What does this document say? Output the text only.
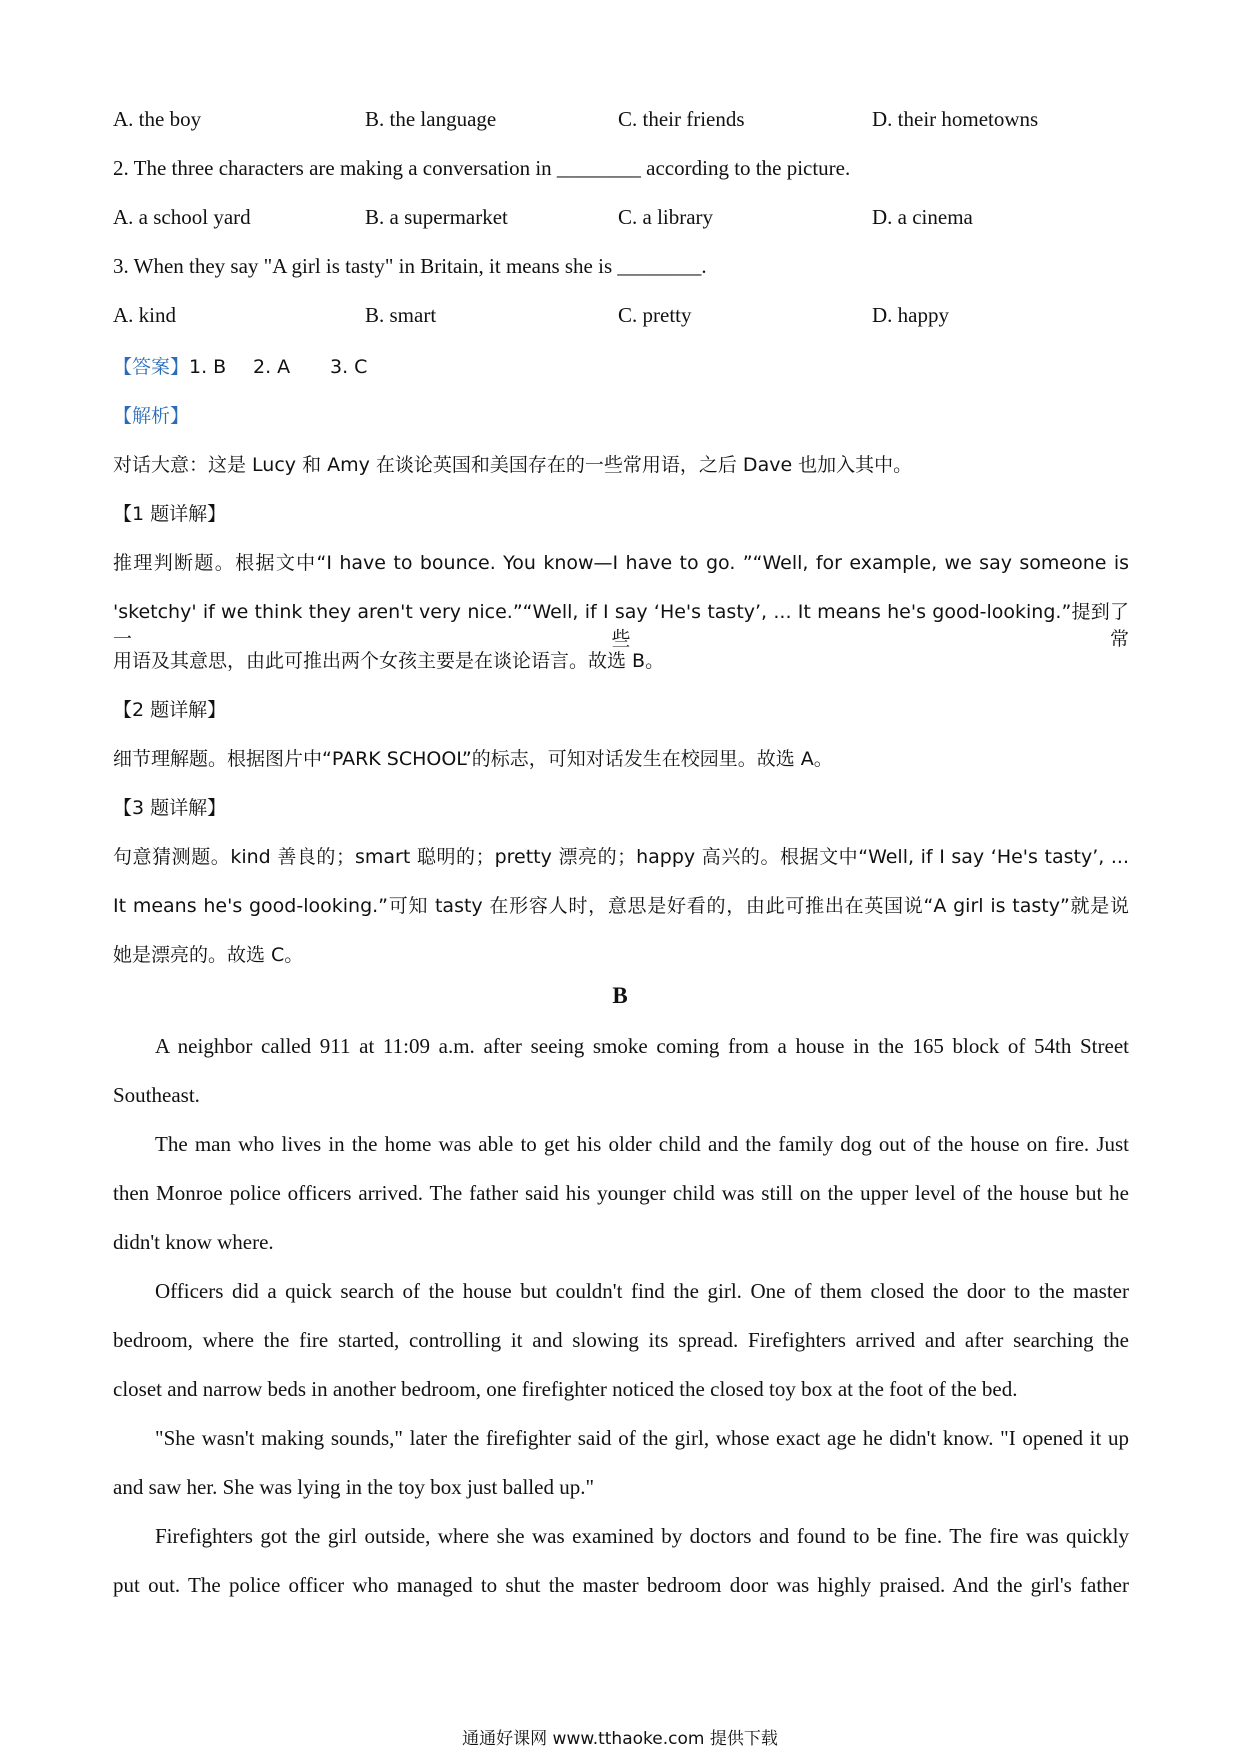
A. the boy	B. the language	C. their friends	D. their hometowns
2. The three characters are making a conversation in ________ according to the picture.
A. a school yard	B. a supermarket	C. a library	D. a cinema
3. When they say "A girl is tasty" in Britain, it means she is ________.
A. kind	B. smart	C. pretty	D. happy
【答案】1. B 2. A 3. C
【解析】
对话大意：这是 Lucy 和 Amy 在谈论英国和美国存在的一些常用语，之后 Dave 也加入其中。
【1 题详解】
推理判断题。根据文中“I have to bounce. You know—I have to go. ”“Well, for example, we say someone is
'sketchy' if we think they aren't very nice.”“Well, if I say ‘He's tasty’, ... It means he's good-looking.”提到了一些常
用语及其意思，由此可推出两个女孩主要是在谈论语言。故选 B。
【2 题详解】
细节理解题。根据图片中“PARK SCHOOL”的标志，可知对话发生在校园里。故选 A。
【3 题详解】
句意猜测题。kind 善良的；smart 聪明的；pretty 漂亮的；happy 高兴的。根据文中“Well, if I say ‘He's tasty’, ...
It means he's good-looking.”可知 tasty 在形容人时，意思是好看的，由此可推出在英国说“A girl is tasty”就是说
她是漂亮的。故选 C。
B
A neighbor called 911 at 11:09 a.m. after seeing smoke coming from a house in the 165 block of 54th Street
Southeast.
The man who lives in the home was able to get his older child and the family dog out of the house on fire. Just
then Monroe police officers arrived. The father said his younger child was still on the upper level of the house but he
didn't know where.
Officers did a quick search of the house but couldn't find the girl. One of them closed the door to the master
bedroom, where the fire started, controlling it and slowing its spread. Firefighters arrived and after searching the
closet and narrow beds in another bedroom, one firefighter noticed the closed toy box at the foot of the bed.
"She wasn't making sounds," later the firefighter said of the girl, whose exact age he didn't know. "I opened it up
and saw her. She was lying in the toy box just balled up."
Firefighters got the girl outside, where she was examined by doctors and found to be fine. The fire was quickly
put out. The police officer who managed to shut the master bedroom door was highly praised. And the girl's father
通通好课网 www.tthaoke.com 提供下载
